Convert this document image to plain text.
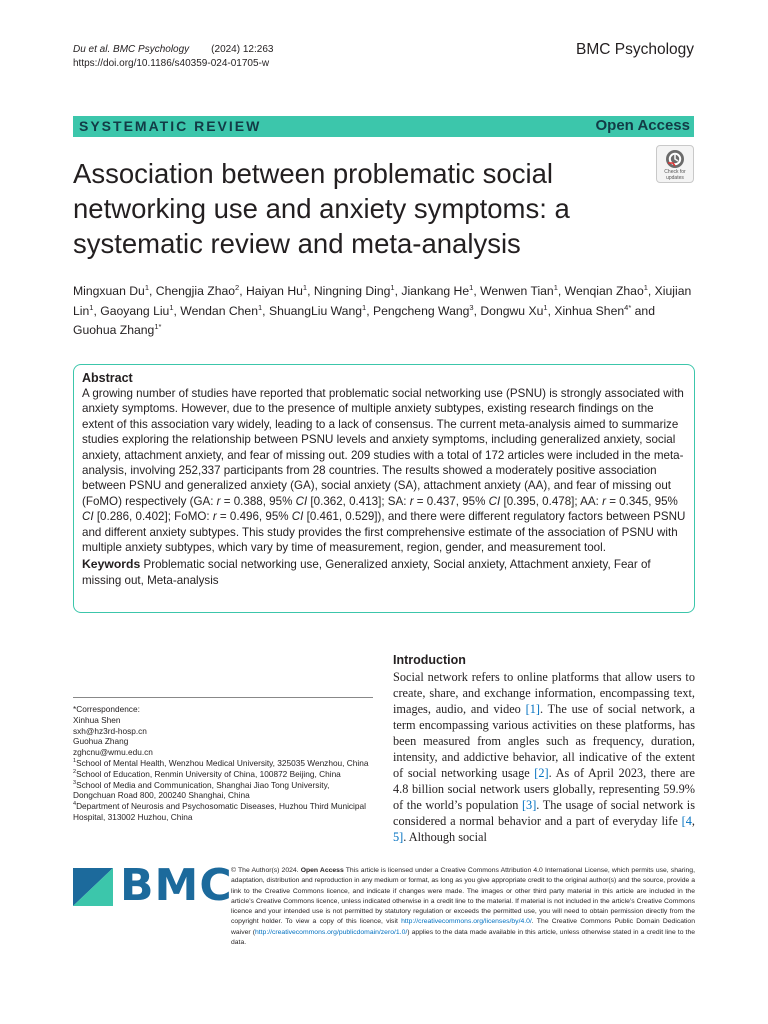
Du et al. BMC Psychology (2024) 12:263
https://doi.org/10.1186/s40359-024-01705-w
BMC Psychology
SYSTEMATIC REVIEW	Open Access
Association between problematic social networking use and anxiety symptoms: a systematic review and meta-analysis
Check for
updates
Mingxuan Du$^1$, Chengjia Zhao$^2$, Haiyan Hu$^1$, Ningning Ding$^1$, Jiankang He$^1$, Wenwen Tian$^1$, Wenqian Zhao$^1$, Xiujian Lin$^1$, Gaoyang Liu$^1$, Wendan Chen$^1$, ShuangLiu Wang$^1$, Pengcheng Wang$^3$, Dongwu Xu$^1$, Xinhua Shen$^{4*}$ and Guohua Zhang$^{1*}$
Abstract
A growing number of studies have reported that problematic social networking use (PSNU) is strongly associated with anxiety symptoms. However, due to the presence of multiple anxiety subtypes, existing research findings on the extent of this association vary widely, leading to a lack of consensus. The current meta-analysis aimed to summarize studies exploring the relationship between PSNU levels and anxiety symptoms, including generalized anxiety, social anxiety, attachment anxiety, and fear of missing out. 209 studies with a total of 172 articles were included in the meta-analysis, involving 252,337 participants from 28 countries. The results showed a moderately positive association between PSNU and generalized anxiety (GA), social anxiety (SA), attachment anxiety (AA), and fear of missing out (FoMO) respectively (GA: r = 0.388, 95% CI [0.362, 0.413]; SA: r = 0.437, 95% CI [0.395, 0.478]; AA: r = 0.345, 95% CI [0.286, 0.402]; FoMO: r = 0.496, 95% CI [0.461, 0.529]), and there were different regulatory factors between PSNU and different anxiety subtypes. This study provides the first comprehensive estimate of the association of PSNU with multiple anxiety subtypes, which vary by time of measurement, region, gender, and measurement tool.
Keywords Problematic social networking use, Generalized anxiety, Social anxiety, Attachment anxiety, Fear of missing out, Meta-analysis
Introduction
Social network refers to online platforms that allow users to create, share, and exchange information, encompassing text, images, audio, and video [1]. The use of social network, a term encompassing various activities on these platforms, has been measured from angles such as frequency, duration, intensity, and addictive behavior, all indicative of the extent of social networking usage [2]. As of April 2023, there are 4.8 billion social network users globally, representing 59.9% of the world’s population [3]. The usage of social network is considered a normal behavior and a part of everyday life [4, 5]. Although social
*Correspondence:
Xinhua Shen
sxh@hz3rd-hosp.cn
Guohua Zhang
zghcnu@wmu.edu.cn
$^1$School of Mental Health, Wenzhou Medical University, 325035 Wenzhou, China
$^2$School of Education, Renmin University of China, 100872 Beijing, China
$^3$School of Media and Communication, Shanghai Jiao Tong University, Dongchuan Road 800, 200240 Shanghai, China
$^4$Department of Neurosis and Psychosomatic Diseases, Huzhou Third Municipal Hospital, 313002 Huzhou, China
BMC
© The Author(s) 2024. Open Access This article is licensed under a Creative Commons Attribution 4.0 International License, which permits use, sharing, adaptation, distribution and reproduction in any medium or format, as long as you give appropriate credit to the original author(s) and the source, provide a link to the Creative Commons licence, and indicate if changes were made. The images or other third party material in this article are included in the article’s Creative Commons licence, unless indicated otherwise in a credit line to the material. If material is not included in the article’s Creative Commons licence and your intended use is not permitted by statutory regulation or exceeds the permitted use, you will need to obtain permission directly from the copyright holder. To view a copy of this licence, visit http://creativecommons.org/licenses/by/4.0/. The Creative Commons Public Domain Dedication waiver (http://creativecommons.org/publicdomain/zero/1.0/) applies to the data made available in this article, unless otherwise stated in a credit line to the data.
